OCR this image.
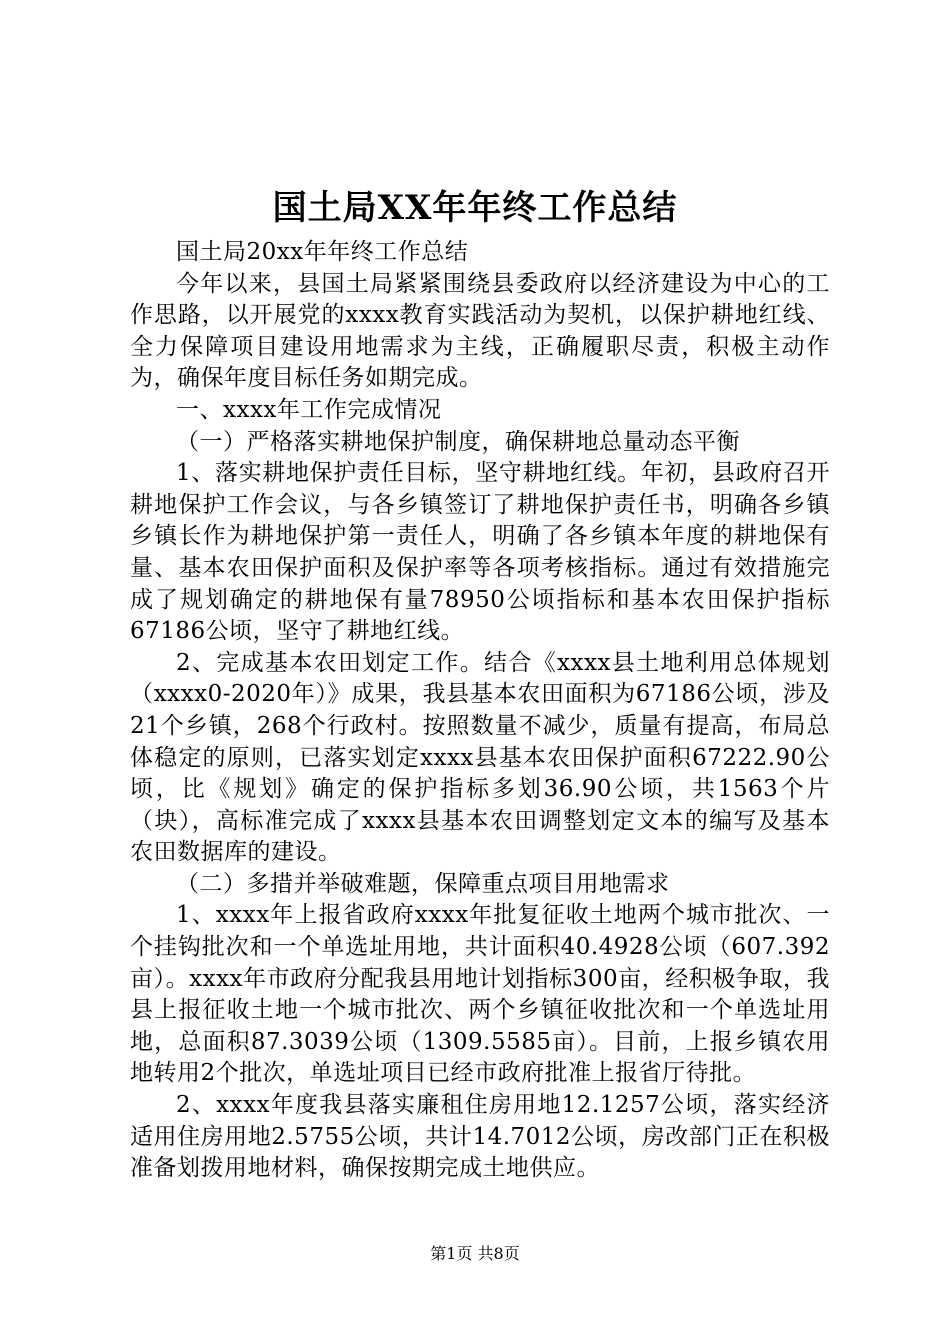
国土局XX年年终工作总结

国土局20xx年年终工作总结

今年以来，县国土局紧紧围绕县委政府以经济建设为中心的工作思路，以开展党的xxxx教育实践活动为契机，以保护耕地红线、全力保障项目建设用地需求为主线，正确履职尽责，积极主动作为，确保年度目标任务如期完成。

一、xxxx年工作完成情况

（一）严格落实耕地保护制度，确保耕地总量动态平衡

1、落实耕地保护责任目标，坚守耕地红线。年初，县政府召开耕地保护工作会议，与各乡镇签订了耕地保护责任书，明确各乡镇乡镇长作为耕地保护第一责任人，明确了各乡镇本年度的耕地保有量、基本农田保护面积及保护率等各项考核指标。通过有效措施完成了规划确定的耕地保有量78950公顷指标和基本农田保护指标67186公顷，坚守了耕地红线。

2、完成基本农田划定工作。结合《xxxx县土地利用总体规划（xxxx0-2020年）》成果，我县基本农田面积为67186公顷，涉及21个乡镇，268个行政村。按照数量不减少，质量有提高，布局总体稳定的原则，已落实划定xxxx县基本农田保护面积67222.90公顷，比《规划》确定的保护指标多划36.90公顷，共1563个片（块），高标准完成了xxxx县基本农田调整划定文本的编写及基本农田数据库的建设。

（二）多措并举破难题，保障重点项目用地需求

1、xxxx年上报省政府xxxx年批复征收土地两个城市批次、一个挂钩批次和一个单选址用地，共计面积40.4928公顷（607.392亩）。xxxx年市政府分配我县用地计划指标300亩，经积极争取，我县上报征收土地一个城市批次、两个乡镇征收批次和一个单选址用地，总面积87.3039公顷（1309.5585亩）。目前，上报乡镇农用地转用2个批次，单选址项目已经市政府批准上报省厅待批。

2、xxxx年度我县落实廉租住房用地12.1257公顷，落实经济适用住房用地2.5755公顷，共计14.7012公顷，房改部门正在积极准备划拨用地材料，确保按期完成土地供应。

第1页 共8页
